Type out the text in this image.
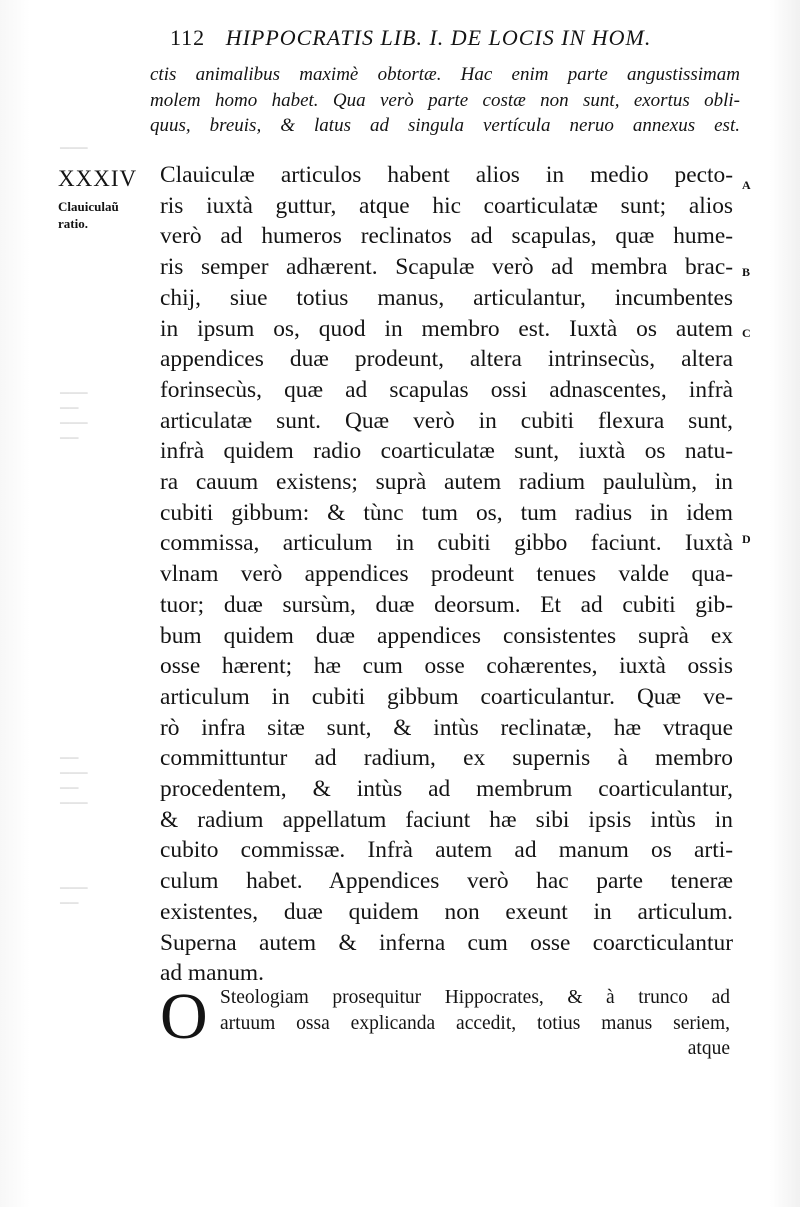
112 HIPPOCRATIS LIB. I. DE LOCIS IN HOM.
ctis animalibus maximè obtortæ. Hac enim parte angustissimam
molem homo habet. Qua verò parte costæ non sunt, exortus obli-
quus, breuis, & latus ad singula vertícula neruo annexus est.
XXXIV
Clauiculaũ
ratio.
───
───
──
───
──
──
───
──
───
───
──
Clauiculæ articulos habent alios in medio pecto-
ris iuxtà guttur, atque hic coarticulatæ sunt; alios
verò ad humeros reclinatos ad scapulas, quæ hume-
ris semper adhærent. Scapulæ verò ad membra brac-
chij, siue totius manus, articulantur, incumbentes
in ipsum os, quod in membro est. Iuxtà os autem
appendices duæ prodeunt, altera intrinsecùs, altera
forinsecùs, quæ ad scapulas ossi adnascentes, infrà
articulatæ sunt. Quæ verò in cubiti flexura sunt,
infrà quidem radio coarticulatæ sunt, iuxtà os natu-
ra cauum existens; suprà autem radium paululùm, in
cubiti gibbum: & tùnc tum os, tum radius in idem
commissa, articulum in cubiti gibbo faciunt. Iuxtà
vlnam verò appendices prodeunt tenues valde qua-
tuor; duæ sursùm, duæ deorsum. Et ad cubiti gib-
bum quidem duæ appendices consistentes suprà ex
osse hærent; hæ cum osse cohærentes, iuxtà ossis
articulum in cubiti gibbum coarticulantur. Quæ ve-
rò infra sitæ sunt, & intùs reclinatæ, hæ vtraque
committuntur ad radium, ex supernis à membro
procedentem, & intùs ad membrum coarticulantur,
& radium appellatum faciunt hæ sibi ipsis intùs in
cubito commissæ. Infrà autem ad manum os arti-
culum habet. Appendices verò hac parte teneræ
existentes, duæ quidem non exeunt in articulum.
Superna autem & inferna cum osse coarcticulantur
ad manum.
A
B
C
D
O Steologiam prosequitur Hippocrates, & à trunco ad
artuum ossa explicanda accedit, totius manus seriem,
atque
